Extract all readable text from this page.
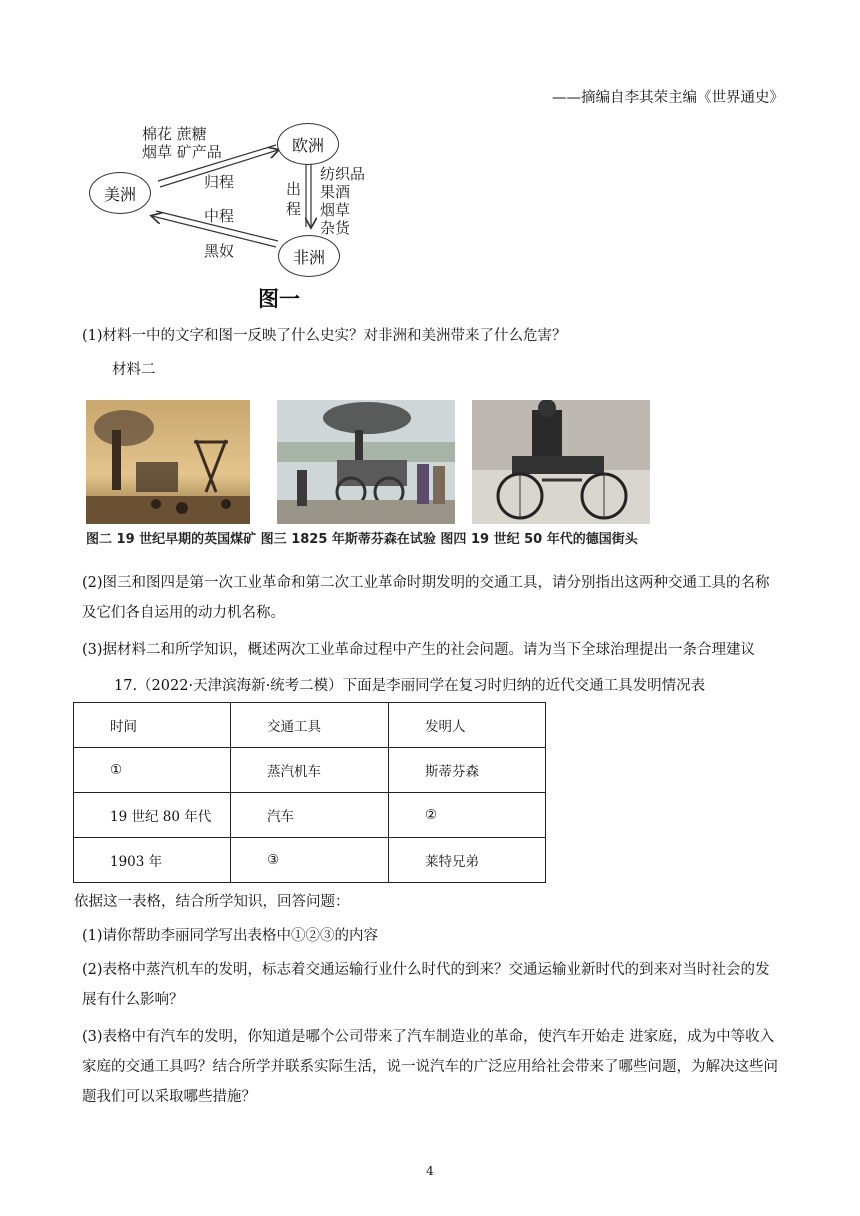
——摘编自李其荣主编《世界通史》
美洲
欧洲
非洲
棉花 蔗糖
烟草 矿产品
归程	出程
纺织品
果酒
烟草
杂货
中程
黑奴
图一
(1)材料一中的文字和图一反映了什么史实？对非洲和美洲带来了什么危害？
材料二
图二 19 世纪早期的英国煤矿 图三 1825 年斯蒂芬森在试验 图四 19 世纪 50 年代的德国街头
(2)图三和图四是第一次工业革命和第二次工业革命时期发明的交通工具，请分别指出这两种交通工具的名称及它们各自运用的动力机名称。
(3)据材料二和所学知识，概述两次工业革命过程中产生的社会问题。请为当下全球治理提出一条合理建议
17.（2022·天津滨海新·统考二模）下面是李丽同学在复习时归纳的近代交通工具发明情况表
时间	交通工具	发明人
①	蒸汽机车	斯蒂芬森
19 世纪 80 年代	汽车	②
1903 年	③	莱特兄弟
依据这一表格，结合所学知识，回答问题：
(1)请你帮助李丽同学写出表格中①②③的内容
(2)表格中蒸汽机车的发明，标志着交通运输行业什么时代的到来？交通运输业新时代的到来对当时社会的发展有什么影响？
(3)表格中有汽车的发明，你知道是哪个公司带来了汽车制造业的革命，使汽车开始走 进家庭，成为中等收入家庭的交通工具吗？结合所学并联系实际生活，说一说汽车的广泛应用给社会带来了哪些问题，为解决这些问题我们可以采取哪些措施？
4
